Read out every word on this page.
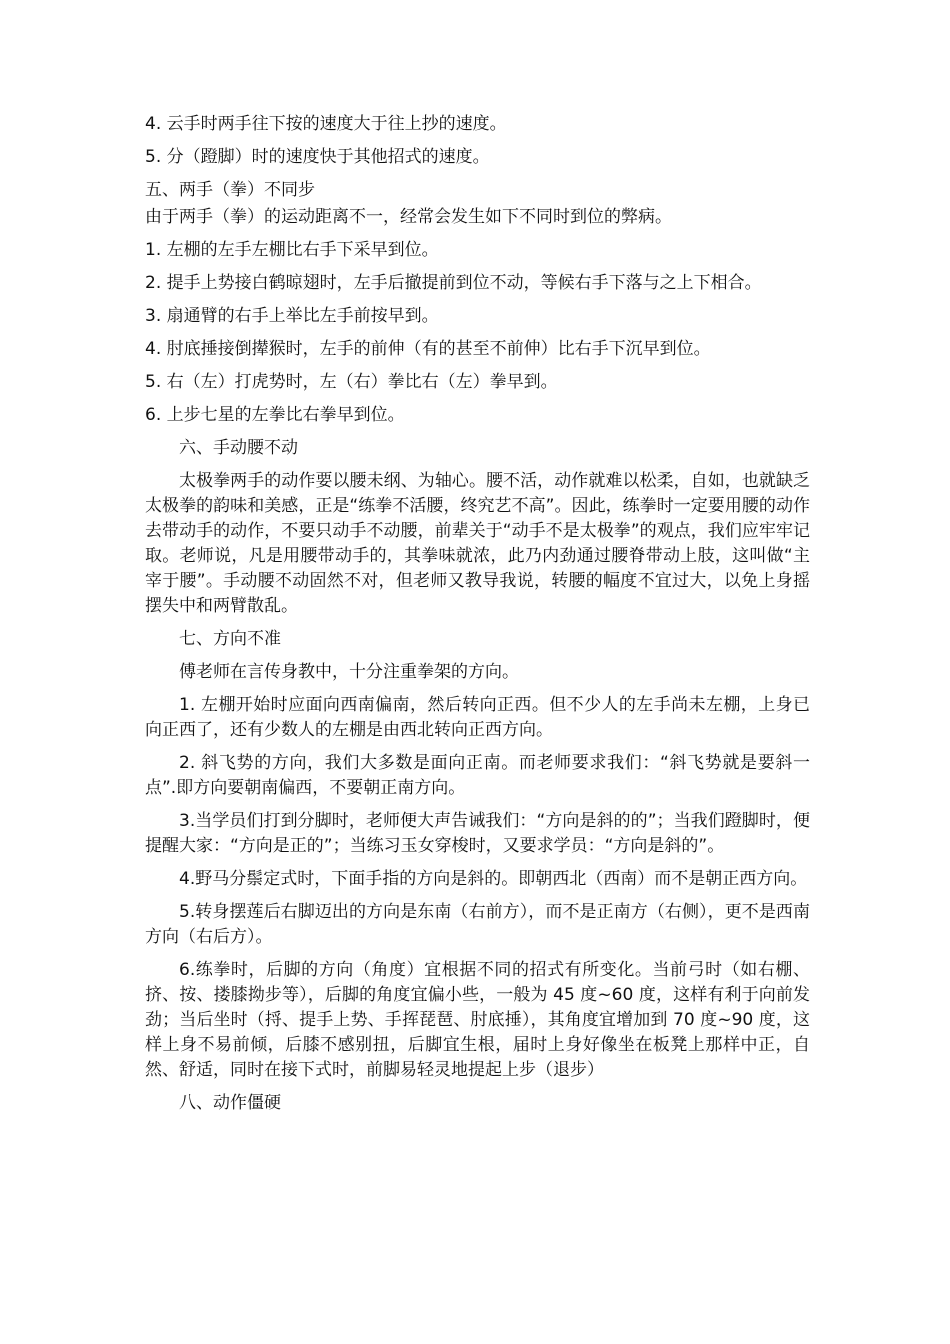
4. 云手时两手往下按的速度大于往上抄的速度。

5. 分（蹬脚）时的速度快于其他招式的速度。

五、两手（拳）不同步

由于两手（拳）的运动距离不一，经常会发生如下不同时到位的弊病。

1. 左棚的左手左棚比右手下采早到位。

2. 提手上势接白鹤晾翅时，左手后撤提前到位不动，等候右手下落与之上下相合。

3. 扇通臂的右手上举比左手前按早到。

4. 肘底捶接倒撵猴时，左手的前伸（有的甚至不前伸）比右手下沉早到位。

5. 右（左）打虎势时，左（右）拳比右（左）拳早到。

6. 上步七星的左拳比右拳早到位。

六、手动腰不动

太极拳两手的动作要以腰未纲、为轴心。腰不活，动作就难以松柔，自如，也就缺乏太极拳的韵味和美感，正是“练拳不活腰，终究艺不高”。因此，练拳时一定要用腰的动作去带动手的动作，不要只动手不动腰，前辈关于“动手不是太极拳”的观点，我们应牢牢记取。老师说，凡是用腰带动手的，其拳味就浓，此乃内劲通过腰脊带动上肢，这叫做“主宰于腰”。手动腰不动固然不对，但老师又教导我说，转腰的幅度不宜过大，以免上身摇摆失中和两臂散乱。

七、方向不准

傅老师在言传身教中，十分注重拳架的方向。

1. 左棚开始时应面向西南偏南，然后转向正西。但不少人的左手尚未左棚，上身已向正西了，还有少数人的左棚是由西北转向正西方向。

2. 斜飞势的方向，我们大多数是面向正南。而老师要求我们：“斜飞势就是要斜一点”.即方向要朝南偏西，不要朝正南方向。

3.当学员们打到分脚时，老师便大声告诫我们：“方向是斜的的”；当我们蹬脚时，便提醒大家：“方向是正的”；当练习玉女穿梭时，又要求学员：“方向是斜的”。

4.野马分鬃定式时，下面手指的方向是斜的。即朝西北（西南）而不是朝正西方向。

5.转身摆莲后右脚迈出的方向是东南（右前方），而不是正南方（右侧），更不是西南方向（右后方）。

6.练拳时，后脚的方向（角度）宜根据不同的招式有所变化。当前弓时（如右棚、挤、按、搂膝拗步等），后脚的角度宜偏小些，一般为 45 度~60 度，这样有利于向前发劲；当后坐时（捋、提手上势、手挥琵琶、肘底捶），其角度宜增加到 70 度~90 度，这样上身不易前倾，后膝不感别扭，后脚宜生根，届时上身好像坐在板凳上那样中正，自然、舒适，同时在接下式时，前脚易轻灵地提起上步（退步）

八、动作僵硬
